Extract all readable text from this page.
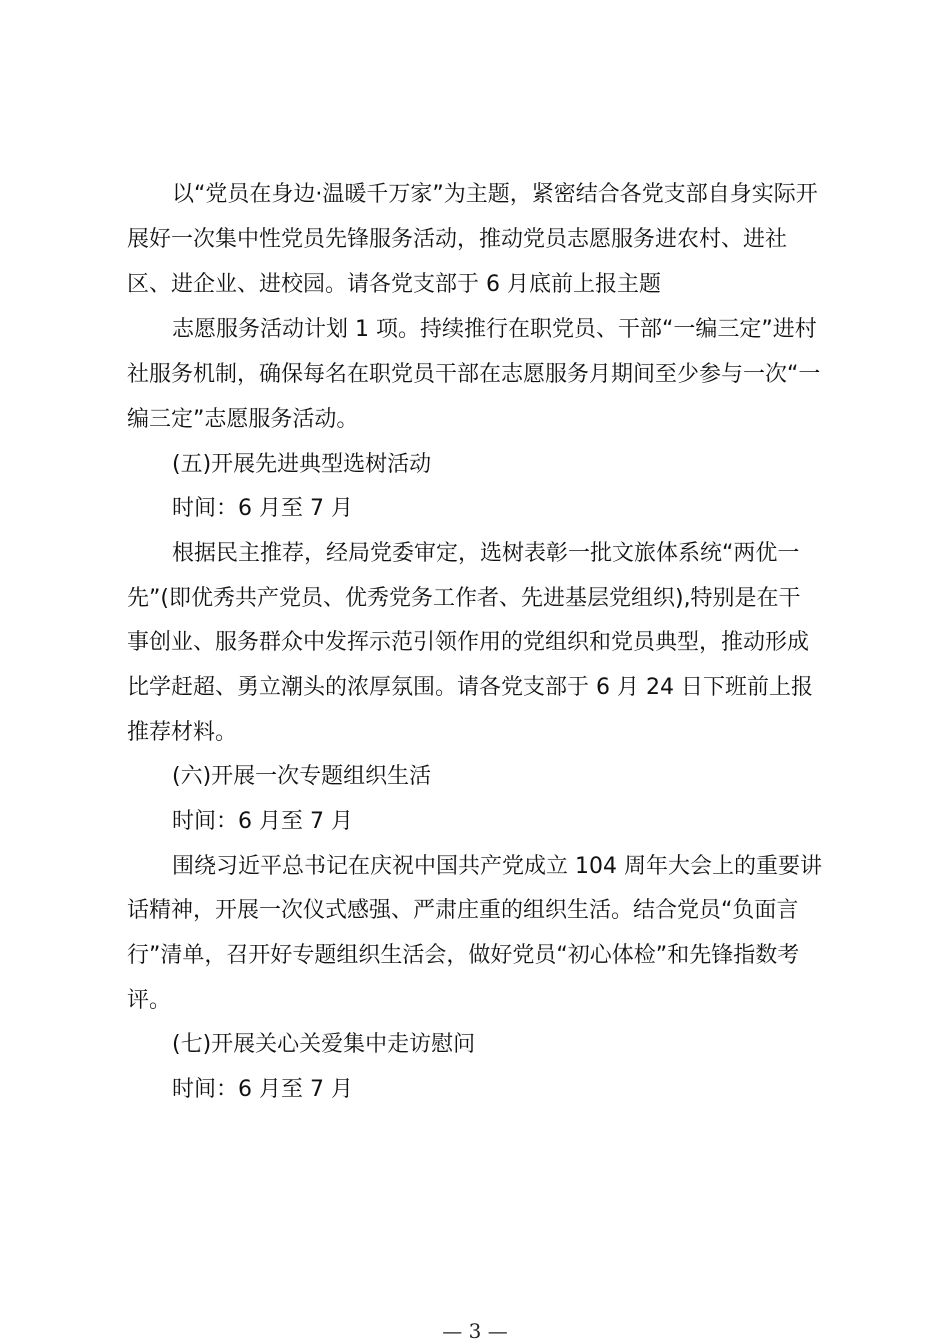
以“党员在身边·温暖千万家”为主题，紧密结合各党支部自身实际开
展好一次集中性党员先锋服务活动，推动党员志愿服务进农村、进社
区、进企业、进校园。请各党支部于 6 月底前上报主题
志愿服务活动计划 1 项。持续推行在职党员、干部“一编三定”进村
社服务机制，确保每名在职党员干部在志愿服务月期间至少参与一次“一
编三定”志愿服务活动。
(五)开展先进典型选树活动
时间：6 月至 7 月
根据民主推荐，经局党委审定，选树表彰一批文旅体系统“两优一
先”(即优秀共产党员、优秀党务工作者、先进基层党组织),特别是在干
事创业、服务群众中发挥示范引领作用的党组织和党员典型，推动形成
比学赶超、勇立潮头的浓厚氛围。请各党支部于 6 月 24 日下班前上报
推荐材料。
(六)开展一次专题组织生活
时间：6 月至 7 月
围绕习近平总书记在庆祝中国共产党成立 104 周年大会上的重要讲
话精神，开展一次仪式感强、严肃庄重的组织生活。结合党员“负面言
行”清单，召开好专题组织生活会，做好党员“初心体检”和先锋指数考
评。
(七)开展关心关爱集中走访慰问
时间：6 月至 7 月
— 3 —
